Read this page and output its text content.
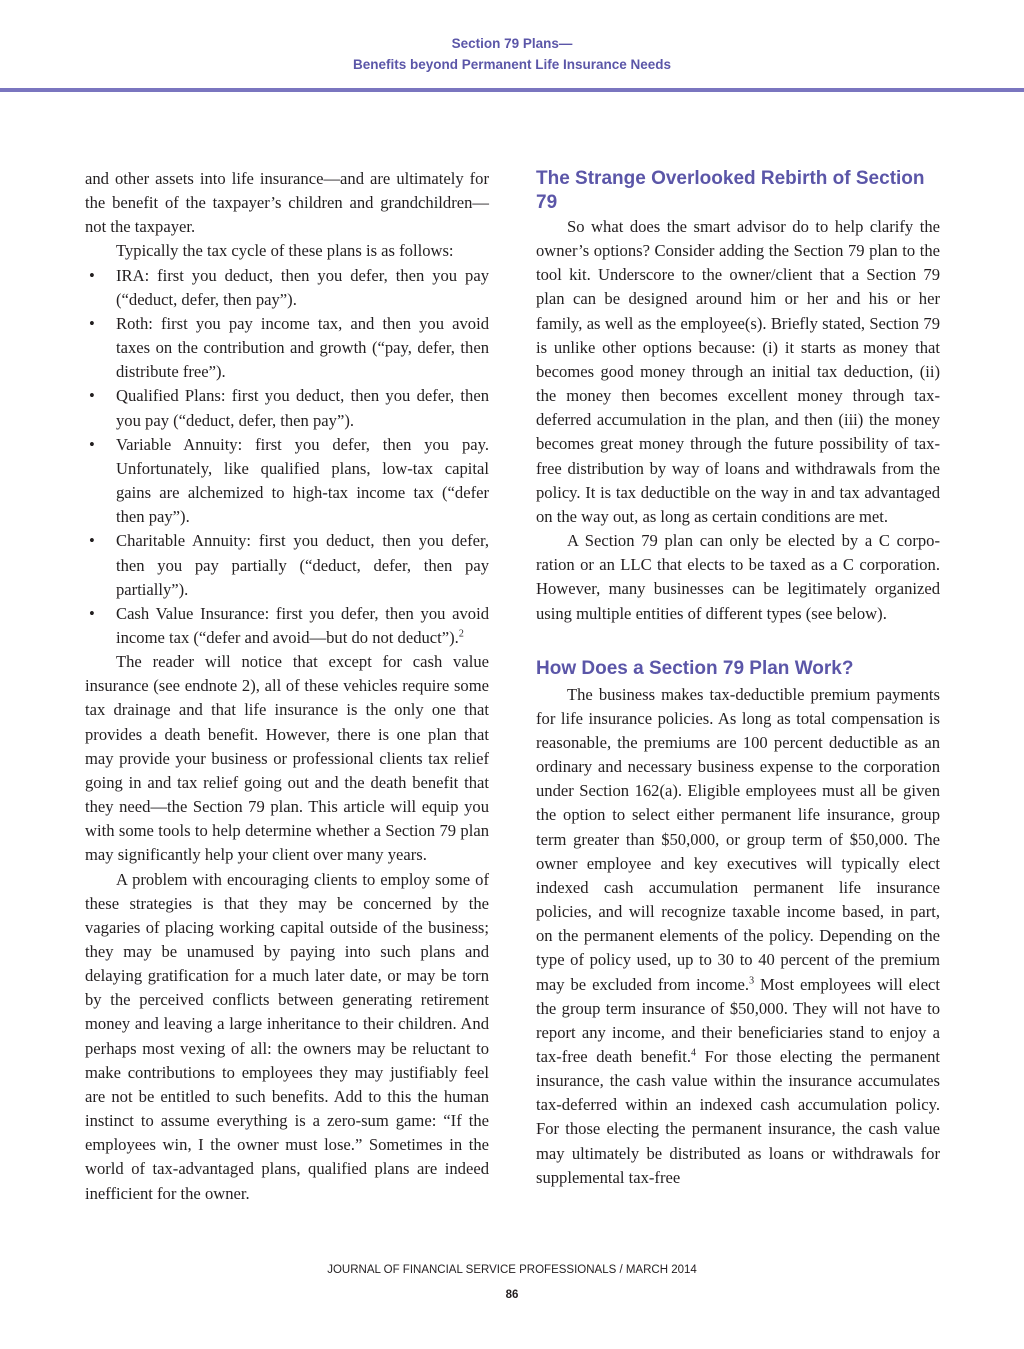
Section 79 Plans—
Benefits beyond Permanent Life Insurance Needs

and other assets into life insurance—and are ultimately for the benefit of the taxpayer’s children and grandchildren—not the taxpayer.

Typically the tax cycle of these plans is as follows:

• IRA: first you deduct, then you defer, then you pay (“deduct, defer, then pay”).
• Roth: first you pay income tax, and then you avoid taxes on the contribution and growth (“pay, defer, then distribute free”).
• Qualified Plans: first you deduct, then you defer, then you pay (“deduct, defer, then pay”).
• Variable Annuity: first you defer, then you pay. Unfortunately, like qualified plans, low-tax capital gains are alchemized to high-tax income tax (“defer then pay”).
• Charitable Annuity: first you deduct, then you defer, then you pay partially (“deduct, defer, then pay partially”).
• Cash Value Insurance: first you defer, then you avoid income tax (“defer and avoid—but do not deduct”).$^2$

The reader will notice that except for cash value insurance (see endnote 2), all of these vehicles require some tax drainage and that life insurance is the only one that provides a death benefit. However, there is one plan that may provide your business or professional clients tax relief going in and tax relief going out and the death benefit that they need—the Section 79 plan. This article will equip you with some tools to help determine whether a Section 79 plan may significantly help your client over many years.

A problem with encouraging clients to employ some of these strategies is that they may be concerned by the vagaries of placing working capital outside of the business; they may be unamused by paying into such plans and delaying gratification for a much later date, or may be torn by the perceived conflicts between generating retirement money and leaving a large inheritance to their children. And perhaps most vexing of all: the owners may be reluctant to make contributions to employees they may justifiably feel are not be entitled to such benefits. Add to this the human instinct to assume everything is a zero-sum game: “If the employees win, I the owner must lose.” Sometimes in the world of tax-advantaged plans, qualified plans are indeed inefficient for the owner.

The Strange Overlooked Rebirth of Section 79

So what does the smart advisor do to help clarify the owner’s options? Consider adding the Section 79 plan to the tool kit. Underscore to the owner/client that a Section 79 plan can be designed around him or her and his or her family, as well as the employee(s). Briefly stated, Section 79 is unlike other options because: (i) it starts as money that becomes good money through an initial tax deduction, (ii) the money then becomes excellent money through tax-deferred accumulation in the plan, and then (iii) the money becomes great money through the future possibility of tax-free distribution by way of loans and withdrawals from the policy. It is tax deductible on the way in and tax advantaged on the way out, as long as certain conditions are met.

A Section 79 plan can only be elected by a C corporation or an LLC that elects to be taxed as a C corporation. However, many businesses can be legitimately organized using multiple entities of different types (see below).

How Does a Section 79 Plan Work?

The business makes tax-deductible premium payments for life insurance policies. As long as total compensation is reasonable, the premiums are 100 percent deductible as an ordinary and necessary business expense to the corporation under Section 162(a). Eligible employees must all be given the option to select either permanent life insurance, group term greater than $50,000, or group term of $50,000. The owner employee and key executives will typically elect indexed cash accumulation permanent life insurance policies, and will recognize taxable income based, in part, on the permanent elements of the policy. Depending on the type of policy used, up to 30 to 40 percent of the premium may be excluded from income.$^3$ Most employees will elect the group term insurance of $50,000. They will not have to report any income, and their beneficiaries stand to enjoy a tax-free death benefit.$^4$ For those electing the permanent insurance, the cash value within the insurance accumulates tax-deferred within an indexed cash accumulation policy. For those electing the permanent insurance, the cash value may ultimately be distributed as loans or withdrawals for supplemental tax-free

JOURNAL OF FINANCIAL SERVICE PROFESSIONALS / MARCH 2014
86
